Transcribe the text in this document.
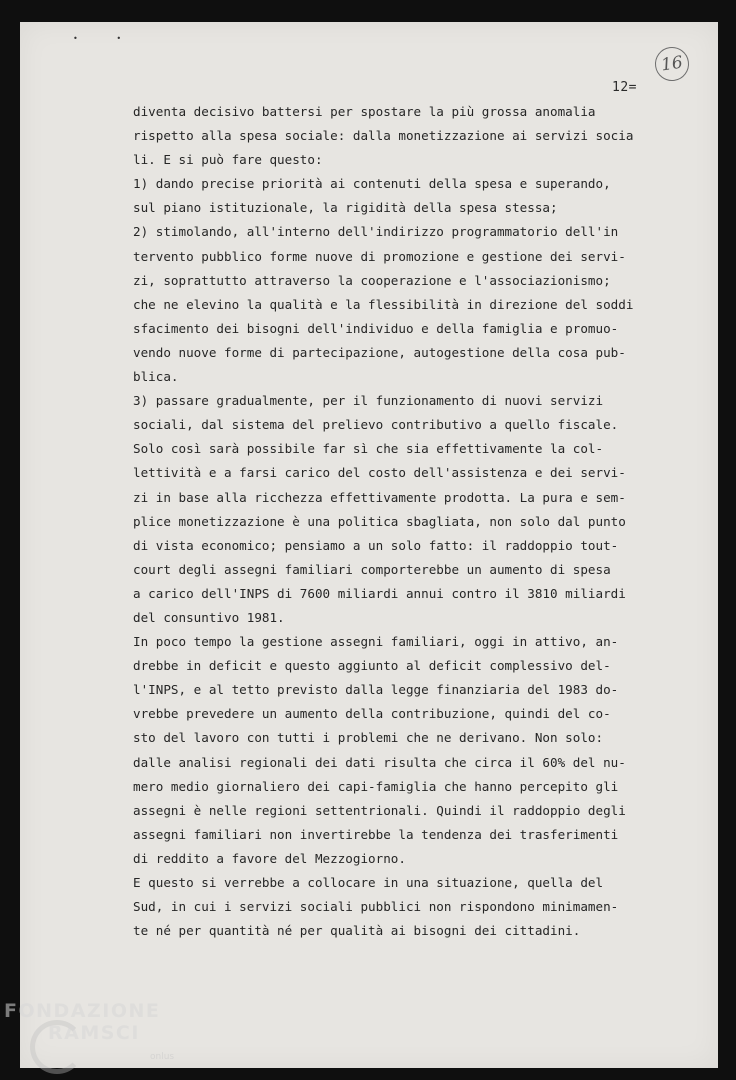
•        •
16
12=
diventa decisivo battersi per spostare la più grossa anomalia
rispetto alla spesa sociale: dalla monetizzazione ai servizi socia
li. E si può fare questo:
1) dando precise priorità ai contenuti della spesa e superando,
sul piano istituzionale, la rigidità della spesa stessa;
2) stimolando, all'interno dell'indirizzo programmatorio dell'in
tervento pubblico forme nuove di promozione e gestione dei servi-
zi, soprattutto attraverso la cooperazione e l'associazionismo;
che ne elevino la qualità e la flessibilità in direzione del soddi
sfacimento dei bisogni dell'individuo e della famiglia e promuo-
vendo nuove forme di partecipazione, autogestione della cosa pub-
blica.
3) passare gradualmente, per il funzionamento di nuovi servizi
sociali, dal sistema del prelievo contributivo a quello fiscale.
Solo così sarà possibile far sì che sia effettivamente la col-
lettività e a farsi carico del costo dell'assistenza e dei servi-
zi in base alla ricchezza effettivamente prodotta. La pura e sem-
plice monetizzazione è una politica sbagliata, non solo dal punto
di vista economico; pensiamo a un solo fatto: il raddoppio tout-
court degli assegni familiari comporterebbe un aumento di spesa
a carico dell'INPS di 7600 miliardi annui contro il 3810 miliardi
del consuntivo 1981.
In poco tempo la gestione assegni familiari, oggi in attivo, an-
drebbe in deficit e questo aggiunto al deficit complessivo del-
l'INPS, e al tetto previsto dalla legge finanziaria del 1983 do-
vrebbe prevedere un aumento della contribuzione, quindi del co-
sto del lavoro con tutti i problemi che ne derivano. Non solo:
dalle analisi regionali dei dati risulta che circa il 60% del nu-
mero medio giornaliero dei capi-famiglia che hanno percepito gli
assegni è nelle regioni settentrionali. Quindi il raddoppio degli
assegni familiari non invertirebbe la tendenza dei trasferimenti
di reddito a favore del Mezzogiorno.
E questo si verrebbe a collocare in una situazione, quella del
Sud, in cui i servizi sociali pubblici non rispondono minimamen-
te né per quantità né per qualità ai bisogni dei cittadini.
FONDAZIONE
RAMSCI
onlus
